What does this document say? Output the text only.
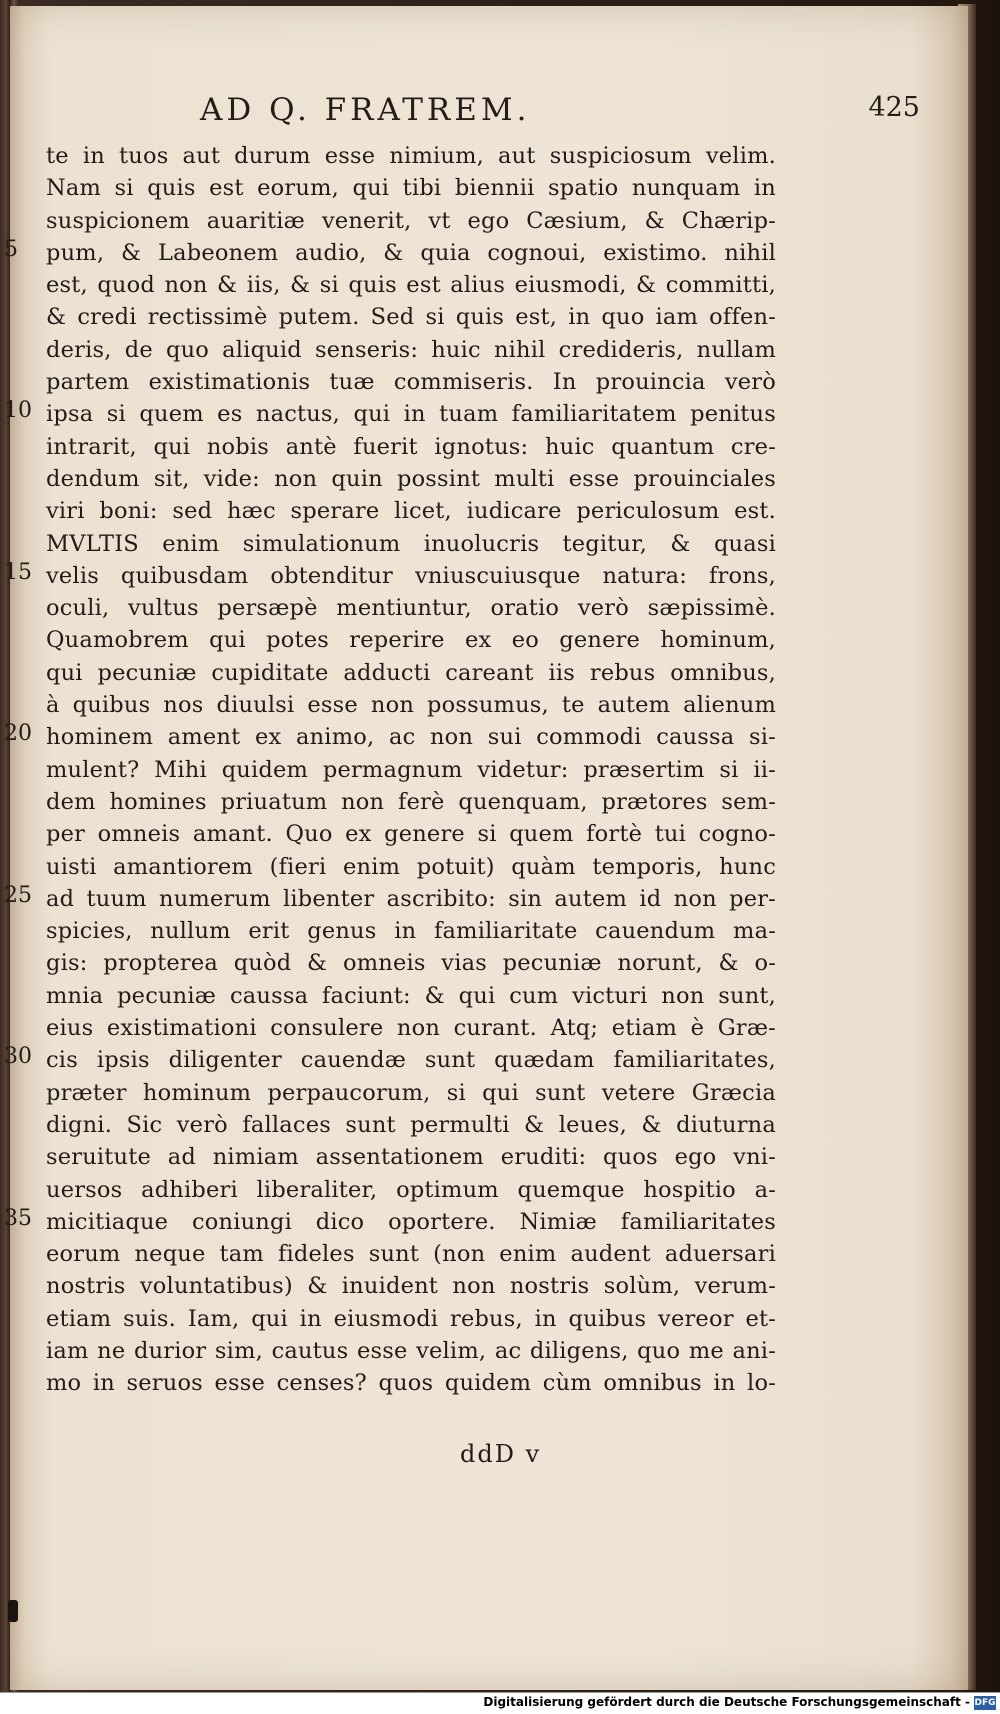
AD Q. FRATREM.	425
5
10
15
20
25
30
35
te in tuos aut durum esse nimium, aut suspiciosum velim.
Nam si quis est eorum, qui tibi biennii spatio nunquam in
suspicionem auaritiæ venerit, vt ego Cæsium, & Chærip-
pum, & Labeonem audio, & quia cognoui, existimo. nihil
est, quod non & iis, & si quis est alius eiusmodi, & committi,
& credi rectissimè putem. Sed si quis est, in quo iam offen-
deris, de quo aliquid senseris: huic nihil credideris, nullam
partem existimationis tuæ commiseris. In prouincia verò
ipsa si quem es nactus, qui in tuam familiaritatem penitus
intrarit, qui nobis antè fuerit ignotus: huic quantum cre-
dendum sit, vide: non quin possint multi esse prouinciales
viri boni: sed hæc sperare licet, iudicare periculosum est.
MVLTIS enim simulationum inuolucris tegitur, & quasi
velis quibusdam obtenditur vniuscuiusque natura: frons,
oculi, vultus persæpè mentiuntur, oratio verò sæpissimè.
Quamobrem qui potes reperire ex eo genere hominum,
qui pecuniæ cupiditate adducti careant iis rebus omnibus,
à quibus nos diuulsi esse non possumus, te autem alienum
hominem ament ex animo, ac non sui commodi caussa si-
mulent? Mihi quidem permagnum videtur: præsertim si ii-
dem homines priuatum non ferè quenquam, prætores sem-
per omneis amant. Quo ex genere si quem fortè tui cogno-
uisti amantiorem (fieri enim potuit) quàm temporis, hunc
ad tuum numerum libenter ascribito: sin autem id non per-
spicies, nullum erit genus in familiaritate cauendum ma-
gis: propterea quòd & omneis vias pecuniæ norunt, & o-
mnia pecuniæ caussa faciunt: & qui cum victuri non sunt,
eius existimationi consulere non curant. Atq; etiam è Græ-
cis ipsis diligenter cauendæ sunt quædam familiaritates,
præter hominum perpaucorum, si qui sunt vetere Græcia
digni. Sic verò fallaces sunt permulti & leues, & diuturna
seruitute ad nimiam assentationem eruditi: quos ego vni-
uersos adhiberi liberaliter, optimum quemque hospitio a-
micitiaque coniungi dico oportere. Nimiæ familiaritates
eorum neque tam fideles sunt (non enim audent aduersari
nostris voluntatibus) & inuident non nostris solùm, verum-
etiam suis. Iam, qui in eiusmodi rebus, in quibus vereor et-
iam ne durior sim, cautus esse velim, ac diligens, quo me ani-
mo in seruos esse censes? quos quidem cùm omnibus in lo-
ddD v
Digitalisierung gefördert durch die Deutsche Forschungsgemeinschaft - DFG
